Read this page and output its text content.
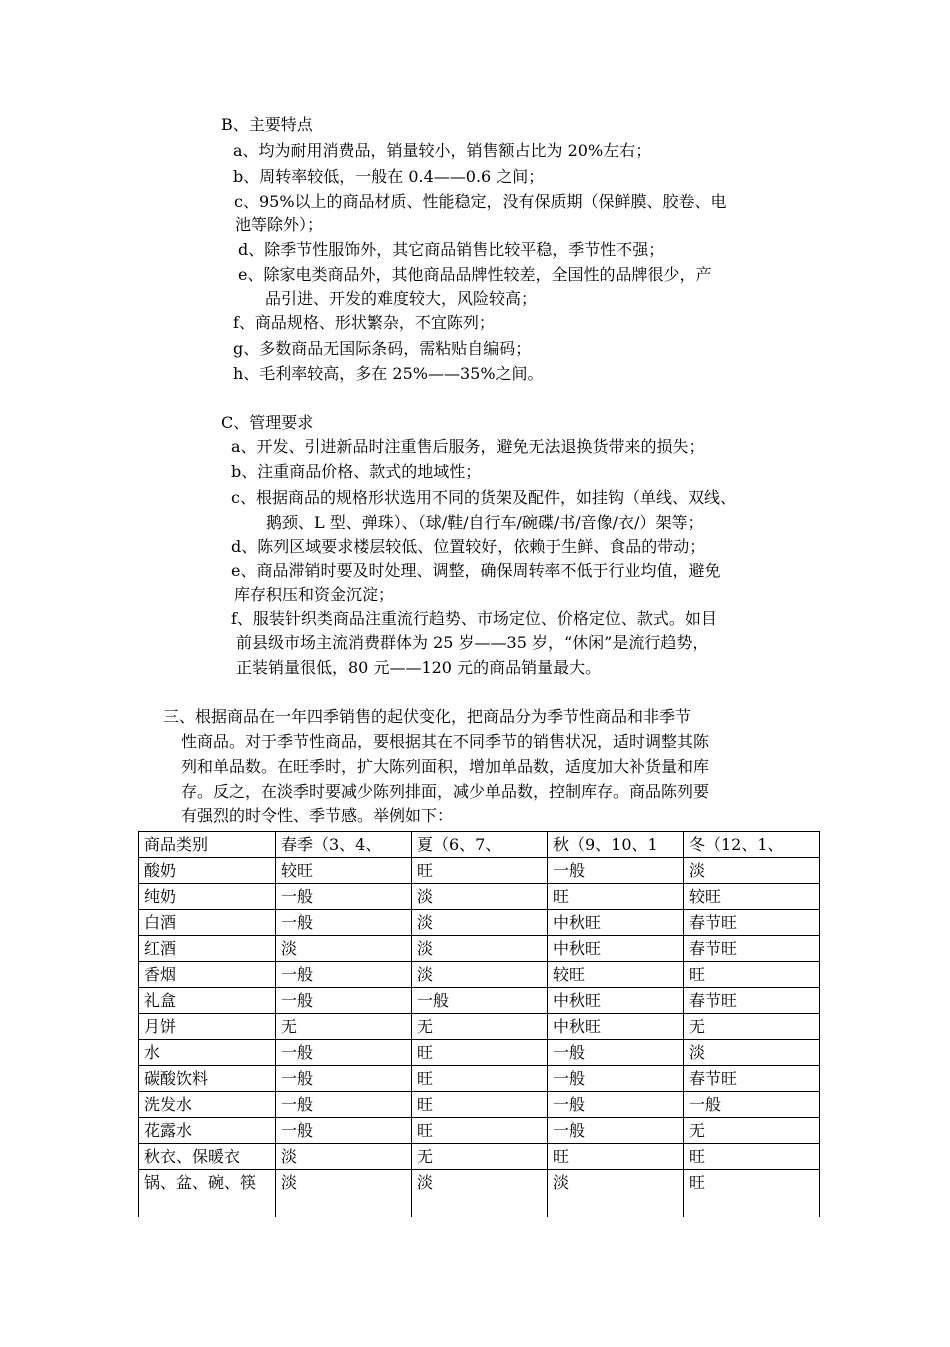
B、主要特点
a、均为耐用消费品，销量较小，销售额占比为 20%左右；
b、周转率较低，一般在 0.4——0.6 之间；
c、95%以上的商品材质、性能稳定，没有保质期（保鲜膜、胶卷、电
池等除外）；
d、除季节性服饰外，其它商品销售比较平稳，季节性不强；
e、除家电类商品外，其他商品品牌性较差，全国性的品牌很少，产
品引进、开发的难度较大，风险较高；
f、商品规格、形状繁杂，不宜陈列；
g、多数商品无国际条码，需粘贴自编码；
h、毛利率较高，多在 25%——35%之间。
C、管理要求
a、开发、引进新品时注重售后服务，避免无法退换货带来的损失；
b、注重商品价格、款式的地域性；
c、根据商品的规格形状选用不同的货架及配件，如挂钩（单线、双线、
鹅颈、L 型、弹珠）、（球/鞋/自行车/碗碟/书/音像/衣/）架等；
d、陈列区域要求楼层较低、位置较好，依赖于生鲜、食品的带动；
e、商品滞销时要及时处理、调整，确保周转率不低于行业均值，避免
库存积压和资金沉淀；
f、服装针织类商品注重流行趋势、市场定位、价格定位、款式。如目
前县级市场主流消费群体为 25 岁——35 岁，“休闲”是流行趋势，
正装销量很低，80 元——120 元的商品销量最大。
三、根据商品在一年四季销售的起伏变化，把商品分为季节性商品和非季节
性商品。对于季节性商品，要根据其在不同季节的销售状况，适时调整其陈
列和单品数。在旺季时，扩大陈列面积，增加单品数，适度加大补货量和库
存。反之，在淡季时要减少陈列排面，减少单品数，控制库存。商品陈列要
有强烈的时令性、季节感。举例如下：
商品类别	春季（3、4、	夏（6、7、	秋（9、10、1	冬（12、1、
酸奶	较旺	旺	一般	淡
纯奶	一般	淡	旺	较旺
白酒	一般	淡	中秋旺	春节旺
红酒	淡	淡	中秋旺	春节旺
香烟	一般	淡	较旺	旺
礼盒	一般	一般	中秋旺	春节旺
月饼	无	无	中秋旺	无
水	一般	旺	一般	淡
碳酸饮料	一般	旺	一般	春节旺
洗发水	一般	旺	一般	一般
花露水	一般	旺	一般	无
秋衣、保暖衣	淡	无	旺	旺
锅、盆、碗、筷	淡	淡	淡	旺
